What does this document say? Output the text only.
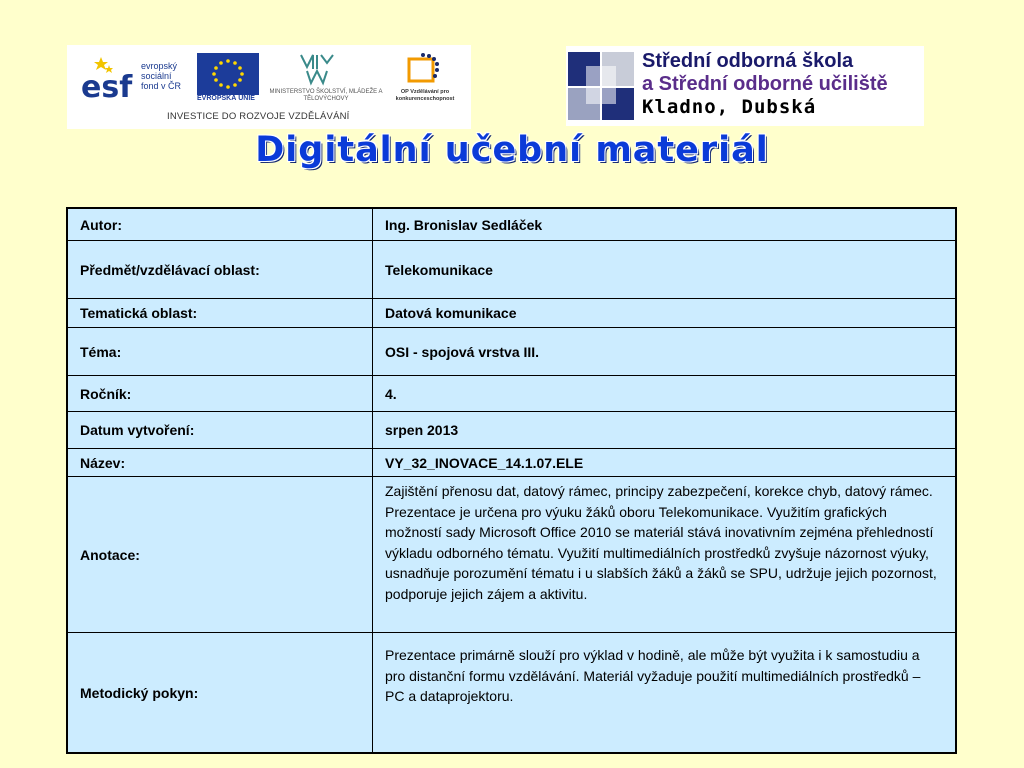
esf
evropský
sociální
fond v ČR
EVROPSKÁ UNIE
MINISTERSTVO ŠKOLSTVÍ, MLÁDEŽE A TĚLOVÝCHOVY
OP Vzdělávání pro konkurenceschopnost
INVESTICE DO ROZVOJE VZDĚLÁVÁNÍ
Střední odborná škola
a Střední odborné učiliště
Kladno, Dubská
Digitální učební materiál
Autor:	Ing. Bronislav Sedláček
Předmět/vzdělávací oblast:	Telekomunikace
Tematická oblast:	Datová komunikace
Téma:	OSI - spojová vrstva III.
Ročník:	4.
Datum vytvoření:	srpen 2013
Název:	VY_32_INOVACE_14.1.07.ELE
Anotace:	Zajištění přenosu dat, datový rámec, principy zabezpečení, korekce chyb, datový rámec. Prezentace je určena pro výuku žáků oboru Telekomunikace. Využitím grafických možností sady Microsoft Office 2010 se materiál stává inovativním zejména přehledností výkladu odborného tématu. Využití multimediálních prostředků zvyšuje názornost výuky, usnadňuje porozumění tématu i u slabších žáků a žáků se SPU, udržuje jejich pozornost, podporuje jejich zájem a aktivitu.
Metodický pokyn:	Prezentace primárně slouží pro výklad v hodině, ale může být využita i k samostudiu a pro distanční formu vzdělávání. Materiál vyžaduje použití multimediálních prostředků – PC a dataprojektoru.
